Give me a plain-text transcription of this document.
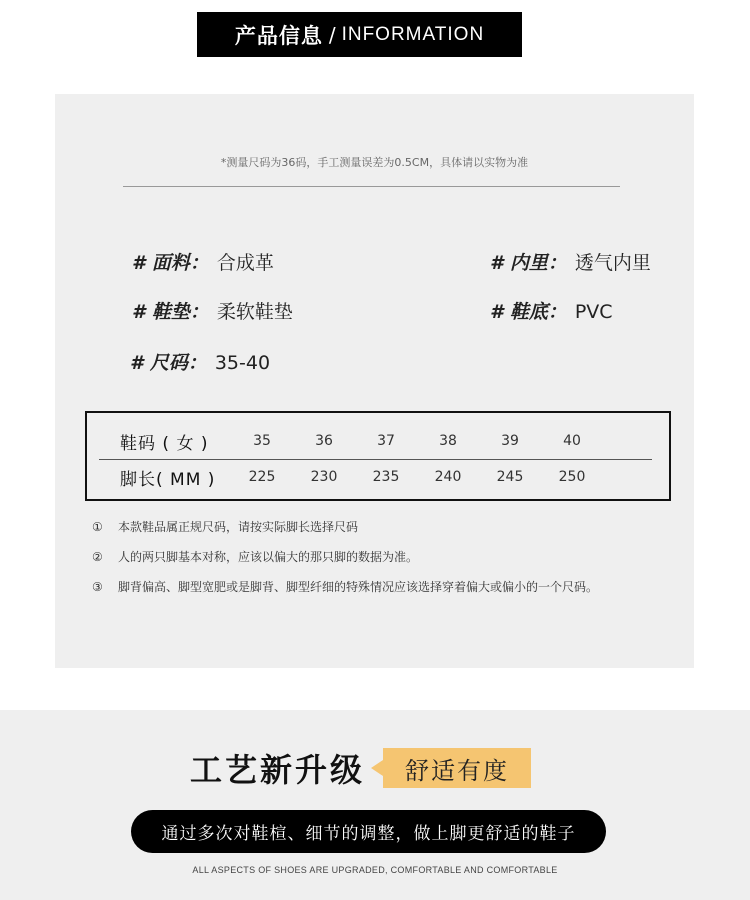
产品信息 / INFORMATION
*测量尺码为36码，手工测量误差为0.5CM，具体请以实物为准
# 面料： 合成革	# 内里： 透气内里
# 鞋垫： 柔软鞋垫	# 鞋底： PVC
# 尺码： 35-40
鞋码 ( 女 )	35	36	37	38	39	40
脚长( MM )	225	230	235	240	245	250
① 本款鞋品属正规尺码，请按实际脚长选择尺码
② 人的两只脚基本对称，应该以偏大的那只脚的数据为准。
③ 脚背偏高、脚型宽肥或是脚背、脚型纤细的特殊情况应该选择穿着偏大或偏小的一个尺码。
工艺新升级	舒适有度
通过多次对鞋楦、细节的调整，做上脚更舒适的鞋子
ALL ASPECTS OF SHOES ARE UPGRADED, COMFORTABLE AND COMFORTABLE
